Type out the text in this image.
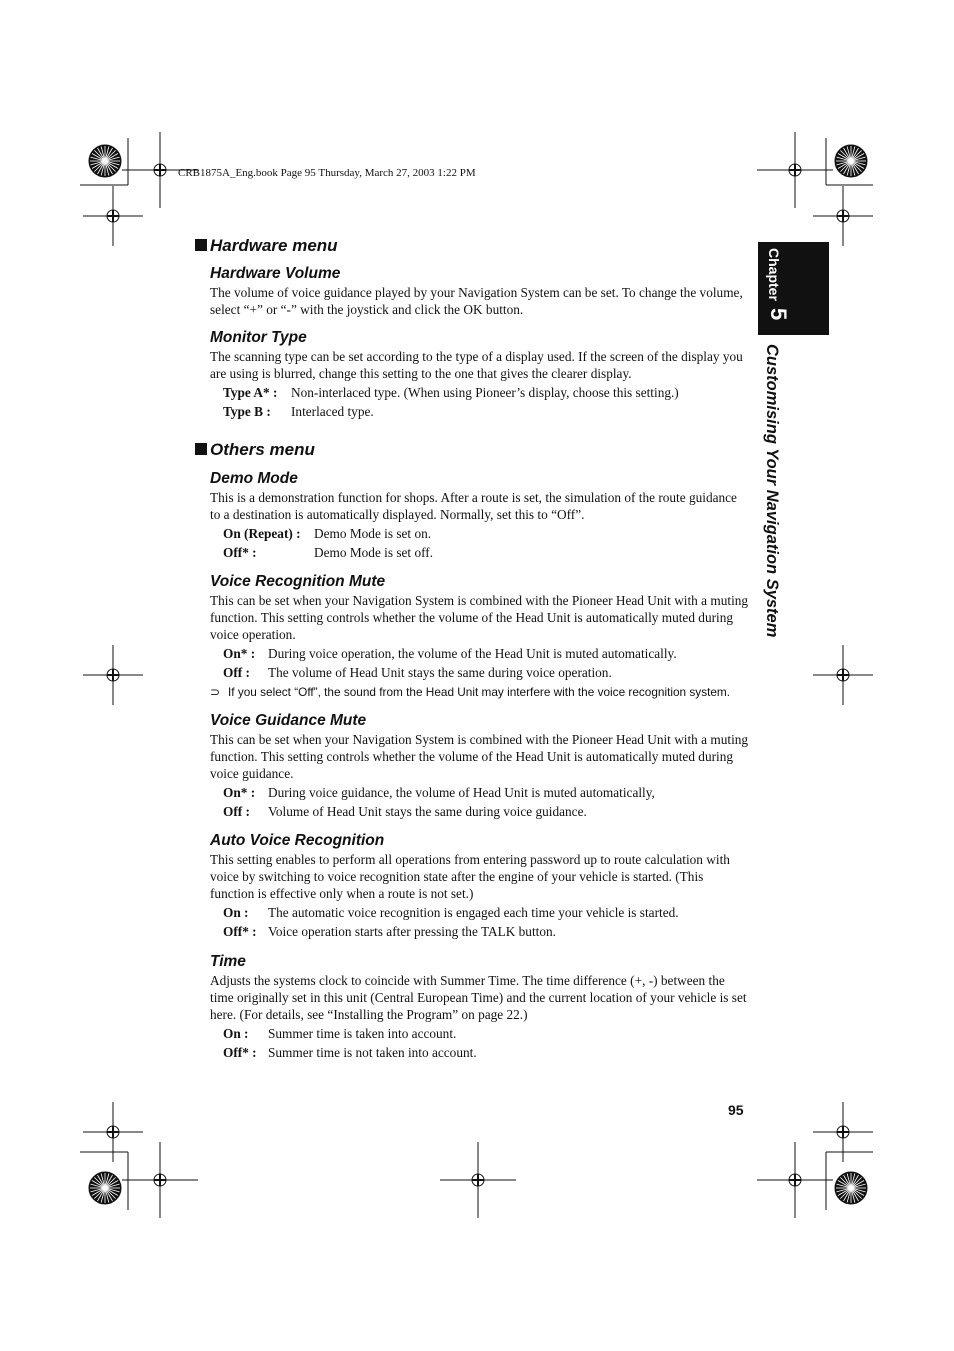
CRB1875A_Eng.book Page 95 Thursday, March 27, 2003 1:22 PM
Hardware menu
Hardware Volume

The volume of voice guidance played by your Navigation System can be set. To change the volume, select “+” or “-” with the joystick and click the OK button.

Monitor Type

The scanning type can be set according to the type of a display used. If the screen of the display you are using is blurred, change this setting to the one that gives the clearer display.

Type A* :	Non-interlaced type. (When using Pioneer’s display, choose this setting.)
Type B :	Interlaced type.
Others menu
Demo Mode

This is a demonstration function for shops. After a route is set, the simulation of the route guidance to a destination is automatically displayed. Normally, set this to “Off”.

On (Repeat) :	Demo Mode is set on.
Off* :	Demo Mode is set off.
Voice Recognition Mute

This can be set when your Navigation System is combined with the Pioneer Head Unit with a muting function. This setting controls whether the volume of the Head Unit is automatically muted during voice operation.

On* : During voice operation, the volume of the Head Unit is muted automatically.
Off :	The volume of Head Unit stays the same during voice operation.
⊃ If you select “Off”, the sound from the Head Unit may interfere with the voice recognition system.
Voice Guidance Mute

This can be set when your Navigation System is combined with the Pioneer Head Unit with a muting function. This setting controls whether the volume of the Head Unit is automatically muted during voice guidance.

On* : During voice guidance, the volume of Head Unit is muted automatically,
Off :	Volume of Head Unit stays the same during voice guidance.
Auto Voice Recognition

This setting enables to perform all operations from entering password up to route calculation with voice by switching to voice recognition state after the engine of your vehicle is started. (This function is effective only when a route is not set.)

On :	The automatic voice recognition is engaged each time your vehicle is started.
Off* : Voice operation starts after pressing the TALK button.
Time

Adjusts the systems clock to coincide with Summer Time. The time difference (+, -) between the time originally set in this unit (Central European Time) and the current location of your vehicle is set here. (For details, see “Installing the Program” on page 22.)

On :	Summer time is taken into account.
Off* : Summer time is not taken into account.
Chapter
5
Customising Your Navigation System
95
